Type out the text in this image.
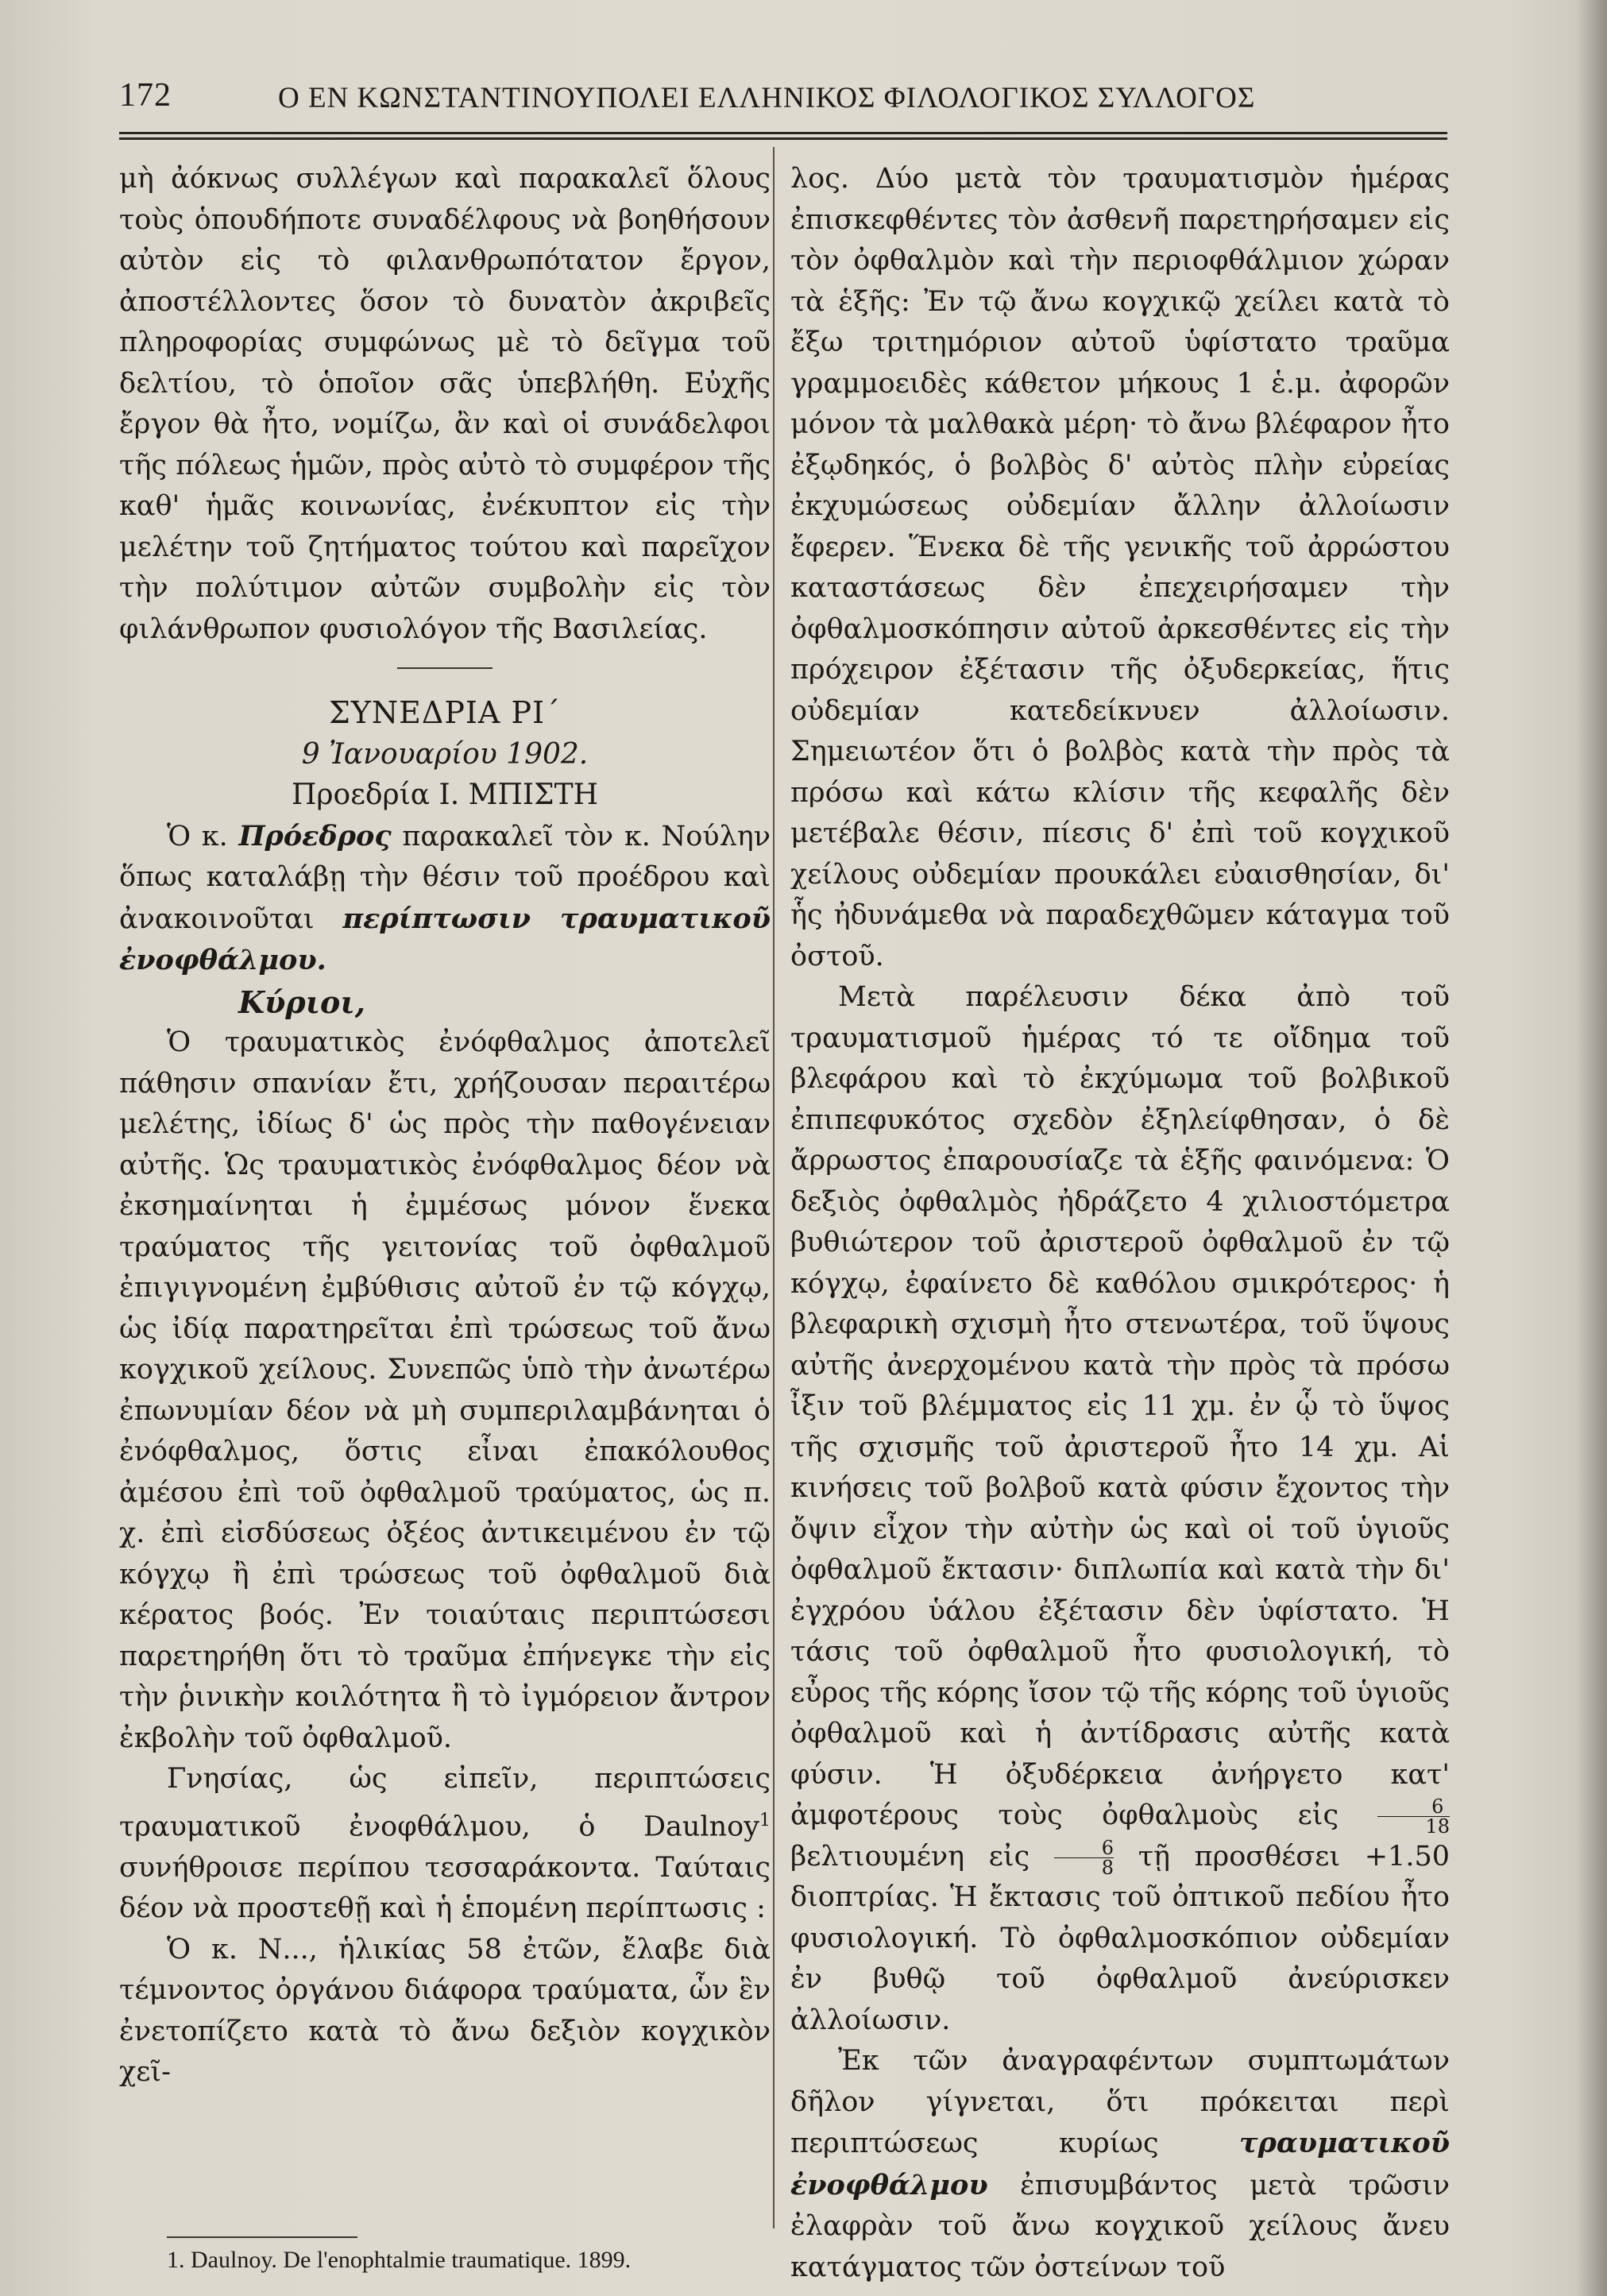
172	Ο ΕΝ ΚΩΝΣΤΑΝΤΙΝΟΥΠΟΛΕΙ ΕΛΛΗΝΙΚΟΣ ΦΙΛΟΛΟΓΙΚΟΣ ΣΥΛΛΟΓΟΣ

μὴ ἀόκνως συλλέγων καὶ παρακαλεῖ ὅλους τοὺς ὁπουδήποτε συναδέλφους νὰ βοηθήσουν αὐτὸν εἰς τὸ φιλανθρωπότατον ἔργον, ἀποστέλλοντες ὅσον τὸ δυνατὸν ἀκριβεῖς πληροφορίας συμφώνως μὲ τὸ δεῖγμα τοῦ δελτίου, τὸ ὁποῖον σᾶς ὑπεβλήθη. Εὐχῆς ἔργον θὰ ἦτο, νομίζω, ἂν καὶ οἱ συνάδελφοι τῆς πόλεως ἡμῶν, πρὸς αὐτὸ τὸ συμφέρον τῆς καθ' ἡμᾶς κοινωνίας, ἐνέκυπτον εἰς τὴν μελέτην τοῦ ζητήματος τούτου καὶ παρεῖχον τὴν πολύτιμον αὐτῶν συμβολὴν εἰς τὸν φιλάνθρωπον φυσιολόγον τῆς Βασιλείας.

ΣΥΝΕΔΡΙΑ ΡΙ΄

9 Ἰανουαρίου 1902.

Προεδρία Ι. ΜΠΙΣΤΗ

Ὁ κ. Πρόεδρος παρακαλεῖ τὸν κ. Νούλην ὅπως καταλάβῃ τὴν θέσιν τοῦ προέδρου καὶ ἀνακοινοῦται περίπτωσιν τραυματικοῦ ἐνοφθάλμου.

Κύριοι,

Ὁ τραυματικὸς ἐνόφθαλμος ἀποτελεῖ πάθησιν σπανίαν ἔτι, χρήζουσαν περαιτέρω μελέτης, ἰδίως δ' ὡς πρὸς τὴν παθογένειαν αὐτῆς. Ὡς τραυματικὸς ἐνόφθαλμος δέον νὰ ἐκσημαίνηται ἡ ἐμμέσως μόνον ἕνεκα τραύματος τῆς γειτονίας τοῦ ὀφθαλμοῦ ἐπιγιγνομένη ἐμβύθισις αὐτοῦ ἐν τῷ κόγχῳ, ὡς ἰδίᾳ παρατηρεῖται ἐπὶ τρώσεως τοῦ ἄνω κογχικοῦ χείλους. Συνεπῶς ὑπὸ τὴν ἀνωτέρω ἐπωνυμίαν δέον νὰ μὴ συμπεριλαμβάνηται ὁ ἐνόφθαλμος, ὅστις εἶναι ἐπακόλουθος ἀμέσου ἐπὶ τοῦ ὀφθαλμοῦ τραύματος, ὡς π. χ. ἐπὶ εἰσδύσεως ὀξέος ἀντικειμένου ἐν τῷ κόγχῳ ἢ ἐπὶ τρώσεως τοῦ ὀφθαλμοῦ διὰ κέρατος βοός. Ἐν τοιαύταις περιπτώσεσι παρετηρήθη ὅτι τὸ τραῦμα ἐπήνεγκε τὴν εἰς τὴν ῥινικὴν κοιλότητα ἢ τὸ ἰγμόρειον ἄντρον ἐκβολὴν τοῦ ὀφθαλμοῦ.

Γνησίας, ὡς εἰπεῖν, περιπτώσεις τραυματικοῦ ἐνοφθάλμου, ὁ Daulnoy$^1$ συνήθροισε περίπου τεσσαράκοντα. Ταύταις δέον νὰ προστεθῇ καὶ ἡ ἑπομένη περίπτωσις :

Ὁ κ. Ν..., ἡλικίας 58 ἐτῶν, ἔλαβε διὰ τέμνοντος ὀργάνου διάφορα τραύματα, ὧν ἓν ἐνετοπίζετο κατὰ τὸ ἄνω δεξιὸν κογχικὸν χεῖ-

λος. Δύο μετὰ τὸν τραυματισμὸν ἡμέρας ἐπισκεφθέντες τὸν ἀσθενῆ παρετηρήσαμεν εἰς τὸν ὀφθαλμὸν καὶ τὴν περιοφθάλμιον χώραν τὰ ἑξῆς: Ἐν τῷ ἄνω κογχικῷ χείλει κατὰ τὸ ἔξω τριτημόριον αὐτοῦ ὑφίστατο τραῦμα γραμμοειδὲς κάθετον μήκους 1 ἑ.μ. ἀφορῶν μόνον τὰ μαλθακὰ μέρη· τὸ ἄνω βλέφαρον ἦτο ἐξῳδηκός, ὁ βολβὸς δ' αὐτὸς πλὴν εὐρείας ἐκχυμώσεως οὐδεμίαν ἄλλην ἀλλοίωσιν ἔφερεν. Ἕνεκα δὲ τῆς γενικῆς τοῦ ἀρρώστου καταστάσεως δὲν ἐπεχειρήσαμεν τὴν ὀφθαλμοσκόπησιν αὐτοῦ ἀρκεσθέντες εἰς τὴν πρόχειρον ἐξέτασιν τῆς ὀξυδερκείας, ἥτις οὐδεμίαν κατεδείκνυεν ἀλλοίωσιν. Σημειωτέον ὅτι ὁ βολβὸς κατὰ τὴν πρὸς τὰ πρόσω καὶ κάτω κλίσιν τῆς κεφαλῆς δὲν μετέβαλε θέσιν, πίεσις δ' ἐπὶ τοῦ κογχικοῦ χείλους οὐδεμίαν προυκάλει εὐαισθησίαν, δι' ἧς ἠδυνάμεθα νὰ παραδεχθῶμεν κάταγμα τοῦ ὀστοῦ.

Μετὰ παρέλευσιν δέκα ἀπὸ τοῦ τραυματισμοῦ ἡμέρας τό τε οἴδημα τοῦ βλεφάρου καὶ τὸ ἐκχύμωμα τοῦ βολβικοῦ ἐπιπεφυκότος σχεδὸν ἐξηλείφθησαν, ὁ δὲ ἄρρωστος ἐπαρουσίαζε τὰ ἑξῆς φαινόμενα: Ὁ δεξιὸς ὀφθαλμὸς ἠδράζετο 4 χιλιοστόμετρα βυθιώτερον τοῦ ἀριστεροῦ ὀφθαλμοῦ ἐν τῷ κόγχῳ, ἐφαίνετο δὲ καθόλου σμικρότερος· ἡ βλεφαρικὴ σχισμὴ ἦτο στενωτέρα, τοῦ ὕψους αὐτῆς ἀνερχομένου κατὰ τὴν πρὸς τὰ πρόσω ἶξιν τοῦ βλέμματος εἰς 11 χμ. ἐν ᾧ τὸ ὕψος τῆς σχισμῆς τοῦ ἀριστεροῦ ἦτο 14 χμ. Αἱ κινήσεις τοῦ βολβοῦ κατὰ φύσιν ἔχοντος τὴν ὄψιν εἶχον τὴν αὐτὴν ὡς καὶ οἱ τοῦ ὑγιοῦς ὀφθαλμοῦ ἔκτασιν· διπλωπία καὶ κατὰ τὴν δι' ἐγχρόου ὑάλου ἐξέτασιν δὲν ὑφίστατο. Ἡ τάσις τοῦ ὀφθαλμοῦ ἦτο φυσιολογική, τὸ εὖρος τῆς κόρης ἴσον τῷ τῆς κόρης τοῦ ὑγιοῦς ὀφθαλμοῦ καὶ ἡ ἀντίδρασις αὐτῆς κατὰ φύσιν. Ἡ ὀξυδέρκεια ἀνήργετο κατ' ἀμφοτέρους τοὺς ὀφθαλμοὺς εἰς $\frac{6}{18}$
βελτιουμένη εἰς $\frac{6}{8}$ τῇ προσθέσει +1.50 διοπτρίας. Ἡ ἔκτασις τοῦ ὀπτικοῦ πεδίου ἦτο φυσιολογική. Τὸ ὀφθαλμοσκόπιον οὐδεμίαν ἐν βυθῷ τοῦ ὀφθαλμοῦ ἀνεύρισκεν ἀλλοίωσιν.

Ἐκ τῶν ἀναγραφέντων συμπτωμάτων δῆλον γίγνεται, ὅτι πρόκειται περὶ περιπτώσεως κυρίως τραυματικοῦ ἐνοφθάλμου ἐπισυμβάντος μετὰ τρῶσιν ἐλαφρὰν τοῦ ἄνω κογχικοῦ χείλους ἄνευ κατάγματος τῶν ὀστείνων τοῦ

1. Daulnoy. De l'enophtalmie traumatique. 1899.
